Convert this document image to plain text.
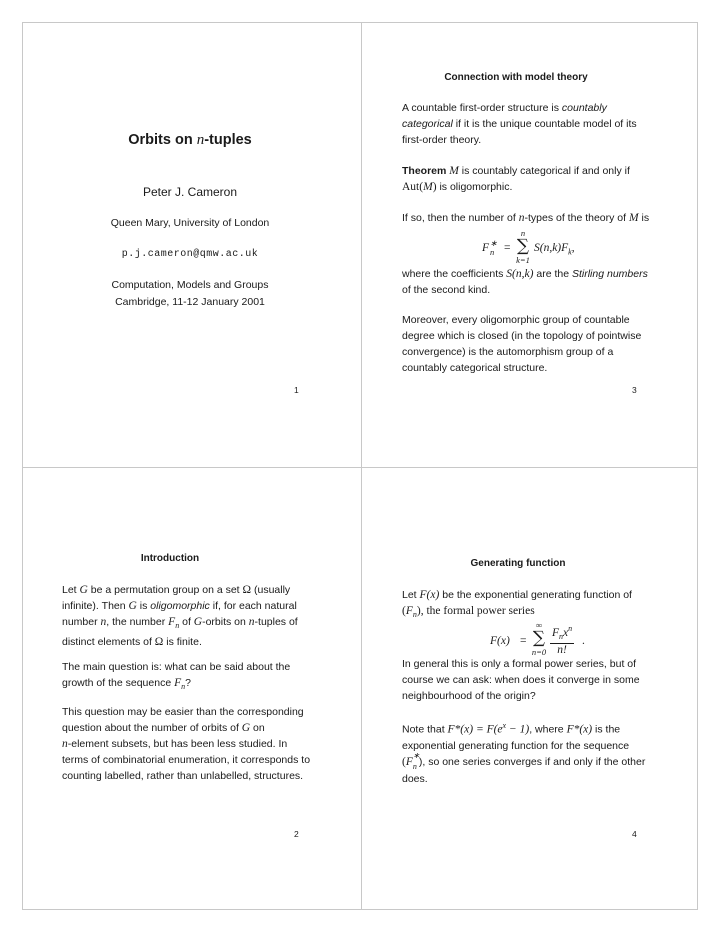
Orbits on n-tuples
Peter J. Cameron
Queen Mary, University of London
p.j.cameron@qmw.ac.uk
Computation, Models and Groups
Cambridge, 11-12 January 2001
1
Connection with model theory
A countable first-order structure is countably
categorical if it is the unique countable model of its
first-order theory.
Theorem M is countably categorical if and only if
Aut(M) is oligomorphic.
If so, then the number of n-types of the theory of M is
F ∗
n =
n
∑
k=1
$S(n,k)F_k$,
where the coefficients S(n,k) are the Stirling numbers
of the second kind.
Moreover, every oligomorphic group of countable
degree which is closed (in the topology of pointwise
convergence) is the automorphism group of a
countably categorical structure.
3
Introduction
Let G be a permutation group on a set Ω (usually
infinite). Then G is oligomorphic if, for each natural
number n, the number $F_n$ of G-orbits on n-tuples of
distinct elements of Ω is finite.
The main question is: what can be said about the
growth of the sequence $F_n$?
This question may be easier than the corresponding
question about the number of orbits of G on
n-element subsets, but has been less studied. In
terms of combinatorial enumeration, it corresponds to
counting labelled, rather than unlabelled, structures.
2
Generating function
Let F(x) be the exponential generating function of
$(F_n)$, the formal power series
F(x) =
∞
∑
n=0
$F_nx^n$
n!
.
In general this is only a formal power series, but of
course we can ask: when does it converge in some
neighbourhood of the origin?
Note that $F*(x) = F(e^x - 1)$, where F*(x) is the
exponential generating function for the sequence
(F
∗
n ), so one series converges if and only if the other
does.
4
